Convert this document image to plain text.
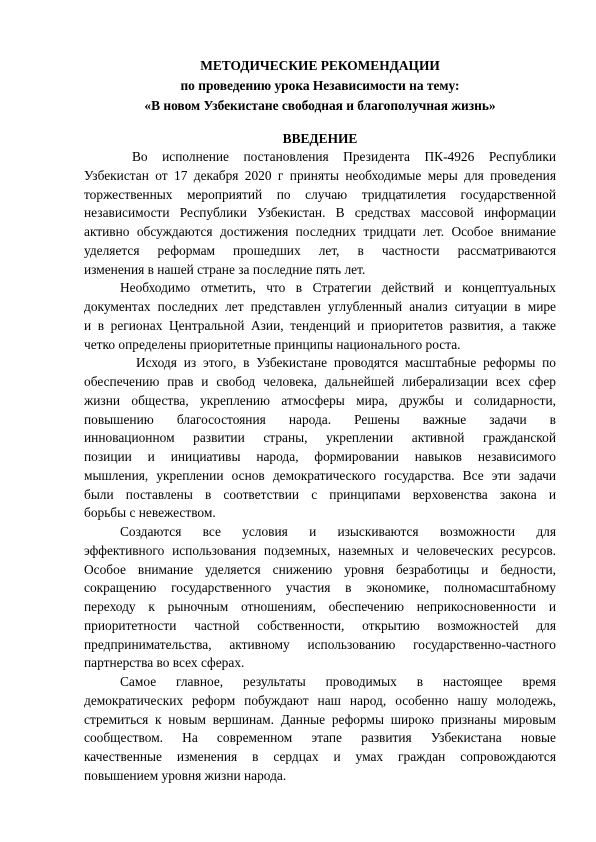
МЕТОДИЧЕСКИЕ РЕКОМЕНДАЦИИ
по проведению урока Независимости на тему:
«В новом Узбекистане свободная и благополучная жизнь»
ВВЕДЕНИЕ
Во исполнение постановления Президента ПК-4926 Республики
Узбекистан от 17 декабря 2020 г приняты необходимые меры для проведения
торжественных мероприятий по случаю тридцатилетия государственной
независимости Республики Узбекистан. В средствах массовой информации
активно обсуждаются достижения последних тридцати лет. Особое внимание
уделяется реформам прошедших лет, в частности рассматриваются
изменения в нашей стране за последние пять лет.
Необходимо отметить, что в Стратегии действий и концептуальных
документах последних лет представлен углубленный анализ ситуации в мире
и в регионах Центральной Азии, тенденций и приоритетов развития, а также
четко определены приоритетные принципы национального роста.
Исходя из этого, в Узбекистане проводятся масштабные реформы по
обеспечению прав и свобод человека, дальнейшей либерализации всех сфер
жизни общества, укреплению атмосферы мира, дружбы и солидарности,
повышению благосостояния народа. Решены важные задачи в
инновационном развитии страны, укреплении активной гражданской
позиции и инициативы народа, формировании навыков независимого
мышления, укреплении основ демократического государства. Все эти задачи
были поставлены в соответствии с принципами верховенства закона и
борьбы с невежеством.
Создаются все условия и изыскиваются возможности для
эффективного использования подземных, наземных и человеческих ресурсов.
Особое внимание уделяется снижению уровня безработицы и бедности,
сокращению государственного участия в экономике, полномасштабному
переходу к рыночным отношениям, обеспечению неприкосновенности и
приоритетности частной собственности, открытию возможностей для
предпринимательства, активному использованию государственно-частного
партнерства во всех сферах.
Самое главное, результаты проводимых в настоящее время
демократических реформ побуждают наш народ, особенно нашу молодежь,
стремиться к новым вершинам. Данные реформы широко признаны мировым
сообществом. На современном этапе развития Узбекистана новые
качественные изменения в сердцах и умах граждан сопровождаются
повышением уровня жизни народа.
